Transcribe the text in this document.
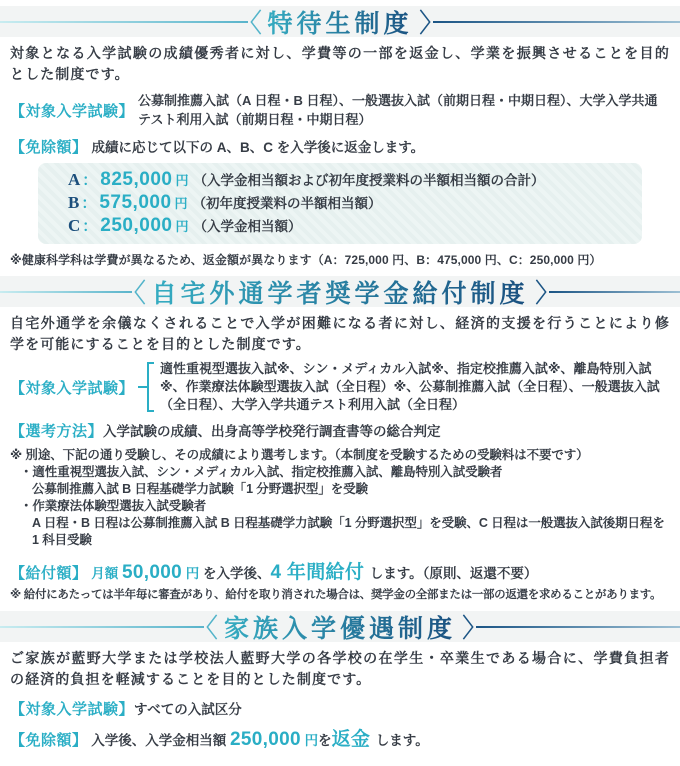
特待生制度

対象となる入学試験の成績優秀者に対し、学費等の一部を返金し、学業を振興させることを目的とした制度です。

【対象入学試験】
公募制推薦入試（A 日程・B 日程）、一般選抜入試（前期日程・中期日程）、大学入学共通テスト利用入試（前期日程・中期日程）
【免除額】 成績に応じて以下の A、B、C を入学後に返金します。
A ： 825,000 円 （入学金相当額および初年度授業料の半額相当額の合計）
B ： 575,000 円 （初年度授業料の半額相当額）
C ： 250,000 円 （入学金相当額）

※健康科学科は学費が異なるため、返金額が異なります（A：725,000 円、B：475,000 円、C：250,000 円）

自宅外通学者奨学金給付制度

自宅外通学を余儀なくされることで入学が困難になる者に対し、経済的支援を行うことにより修学を可能にすることを目的とした制度です。

【対象入学試験】
適性重視型選抜入試※、シン・メディカル入試※、指定校推薦入試※、離島特別入試※、作業療法体験型選抜入試（全日程）※、公募制推薦入試（全日程）、一般選抜入試（全日程）、大学入学共通テスト利用入試（全日程）
【選考方法】入学試験の成績、出身高等学校発行調査書等の総合判定
※ 別途、下記の通り受験し、その成績により選考します。（本制度を受験するための受験料は不要です）
・適性重視型選抜入試、シン・メディカル入試、指定校推薦入試、離島特別入試受験者
公募制推薦入試 B 日程基礎学力試験「1 分野選択型」を受験
・作業療法体験型選抜入試受験者
A 日程・B 日程は公募制推薦入試 B 日程基礎学力試験「1 分野選択型」を受験、C 日程は一般選抜入試後期日程を 1 科目受験
【給付額】 月額 50,000 円 を入学後、4 年間給付 します。（原則、返還不要）

※ 給付にあたっては半年毎に審査があり、給付を取り消された場合は、奨学金の全部または一部の返還を求めることがあります。

家族入学優遇制度

ご家族が藍野大学または学校法人藍野大学の各学校の在学生・卒業生である場合に、学費負担者の経済的負担を軽減することを目的とした制度です。

【対象入学試験】すべての入試区分
【免除額】 入学後、入学金相当額 250,000 円を返金 します。
